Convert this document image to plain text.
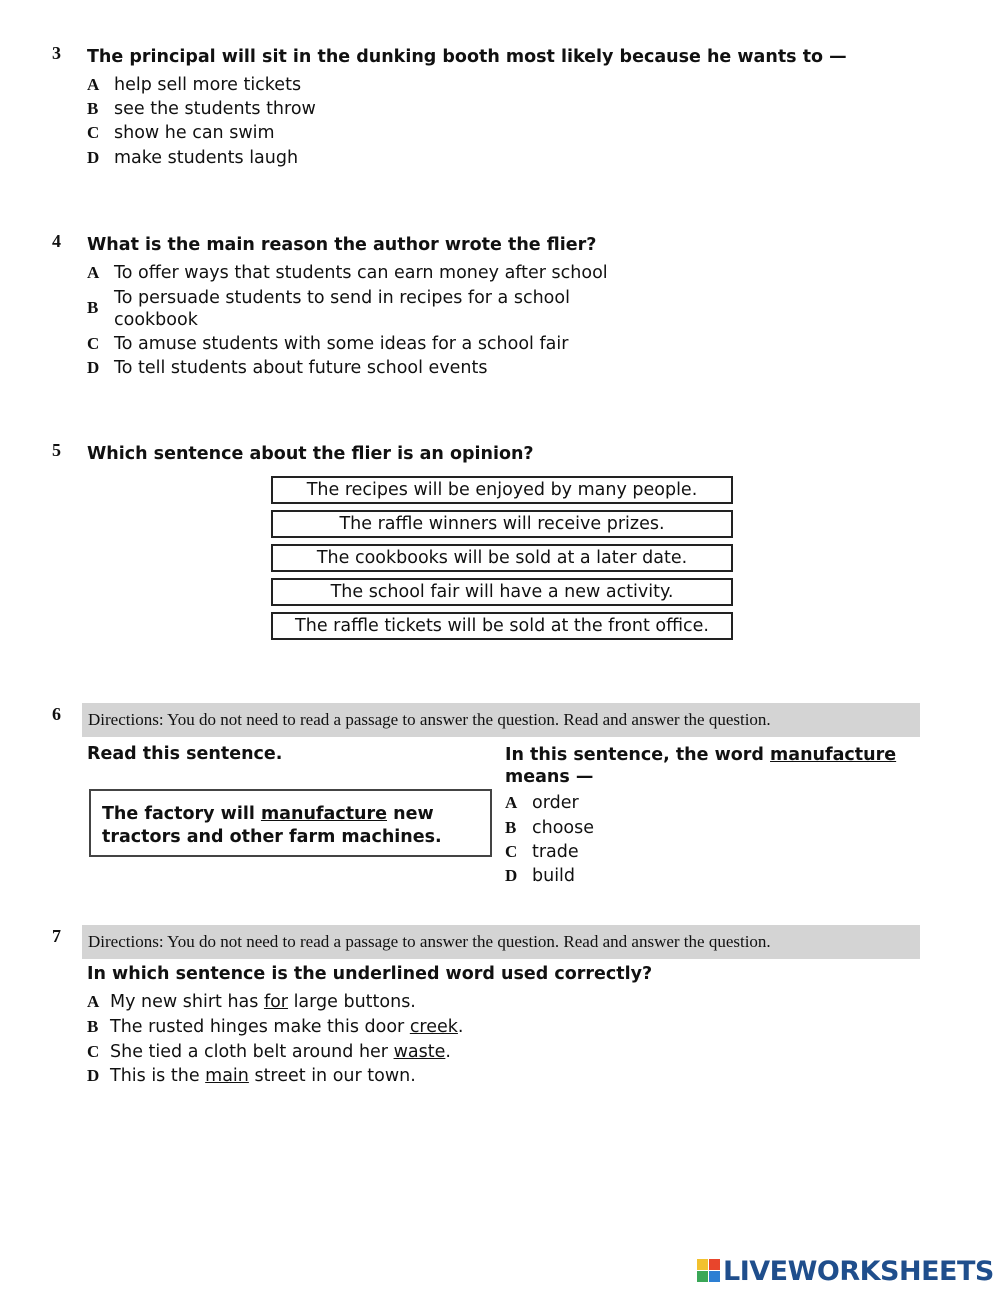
3 The principal will sit in the dunking booth most likely because he wants to —
A help sell more tickets
B see the students throw
C show he can swim
D make students laugh
4 What is the main reason the author wrote the flier?
A To offer ways that students can earn money after school
B To persuade students to send in recipes for a school
cookbook
C To amuse students with some ideas for a school fair
D To tell students about future school events
5 Which sentence about the flier is an opinion?
The recipes will be enjoyed by many people.
The raffle winners will receive prizes.
The cookbooks will be sold at a later date.
The school fair will have a new activity.
The raffle tickets will be sold at the front office.
6	Directions: You do not need to read a passage to answer the question. Read and answer the question.
Read this sentence.
The factory will manufacture new
tractors and other farm machines.
In this sentence, the word manufacture
means —
A order
B choose
C trade
D build
7	Directions: You do not need to read a passage to answer the question. Read and answer the question.
In which sentence is the underlined word used correctly?
A My new shirt has for large buttons.
B The rusted hinges make this door creek.
C She tied a cloth belt around her waste.
D This is the main street in our town.
LIVEWORKSHEETS
